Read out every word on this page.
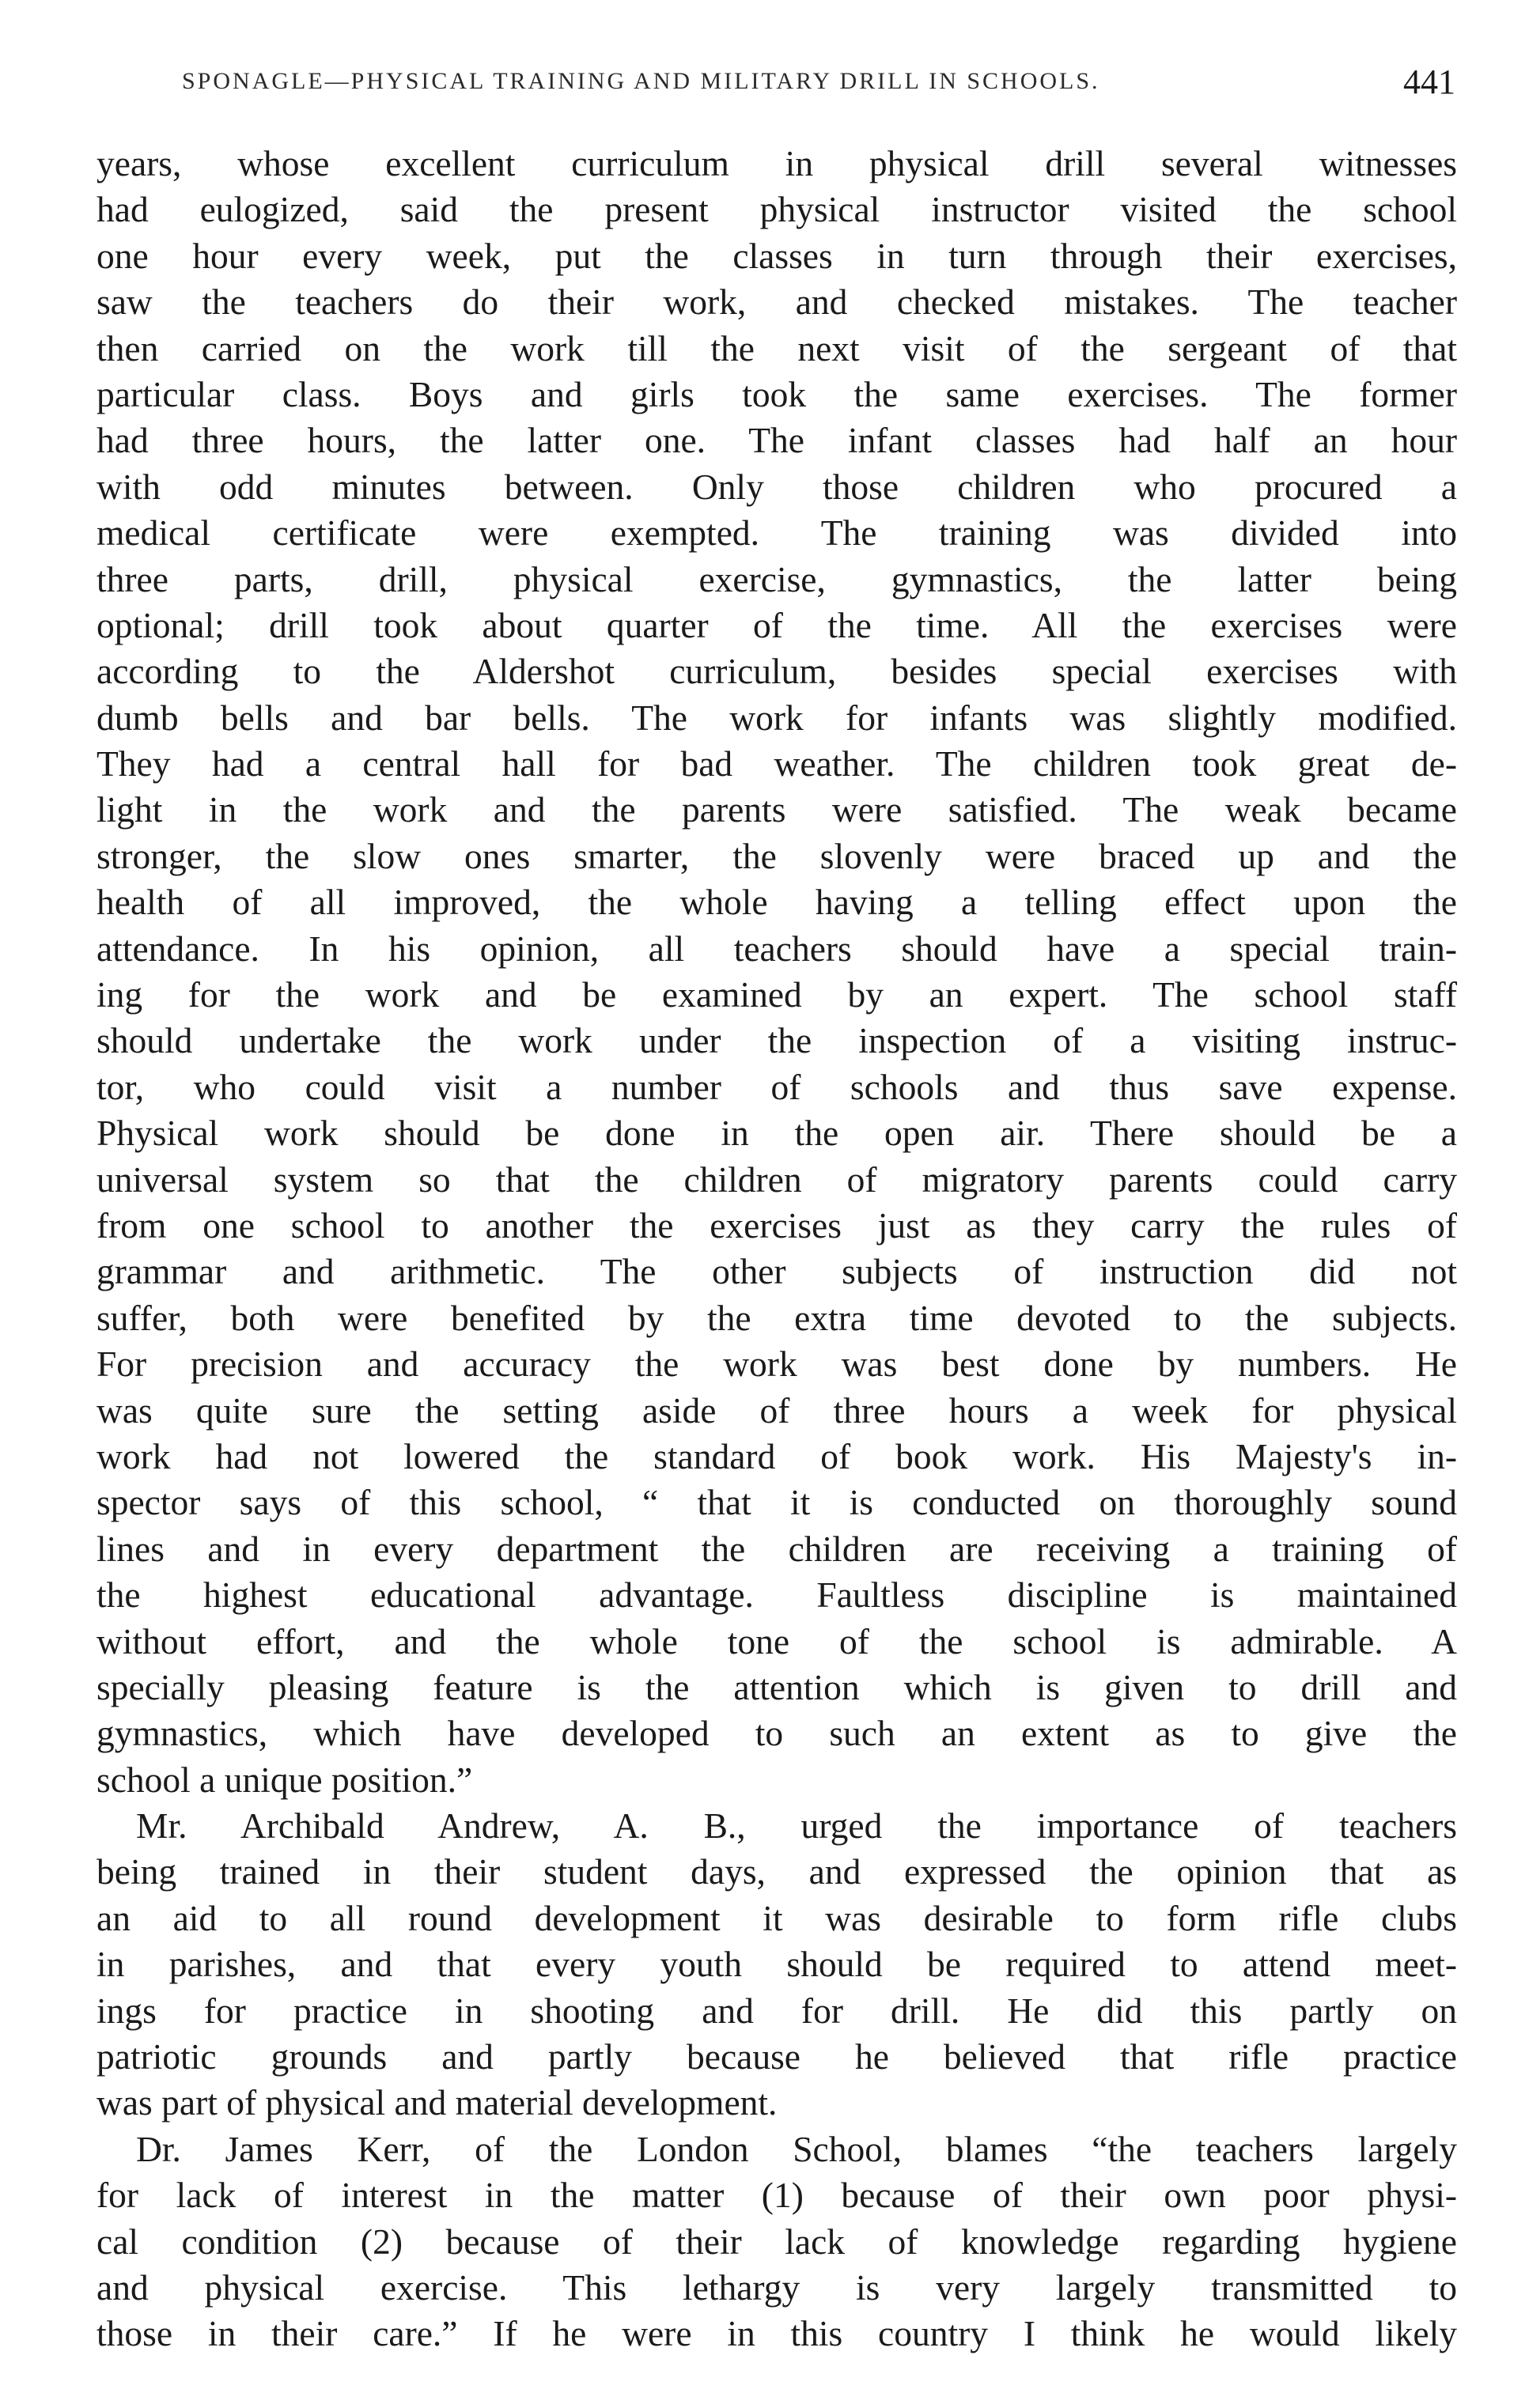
SPONAGLE—PHYSICAL TRAINING AND MILITARY DRILL IN SCHOOLS.	441
years, whose excellent curriculum in physical drill several witnesses
had eulogized, said the present physical instructor visited the school
one hour every week, put the classes in turn through their exercises,
saw the teachers do their work, and checked mistakes. The teacher
then carried on the work till the next visit of the sergeant of that
particular class. Boys and girls took the same exercises. The former
had three hours, the latter one. The infant classes had half an hour
with odd minutes between. Only those children who procured a
medical certificate were exempted. The training was divided into
three parts, drill, physical exercise, gymnastics, the latter being
optional; drill took about quarter of the time. All the exercises were
according to the Aldershot curriculum, besides special exercises with
dumb bells and bar bells. The work for infants was slightly modified.
They had a central hall for bad weather. The children took great de-
light in the work and the parents were satisfied. The weak became
stronger, the slow ones smarter, the slovenly were braced up and the
health of all improved, the whole having a telling effect upon the
attendance. In his opinion, all teachers should have a special train-
ing for the work and be examined by an expert. The school staff
should undertake the work under the inspection of a visiting instruc-
tor, who could visit a number of schools and thus save expense.
Physical work should be done in the open air. There should be a
universal system so that the children of migratory parents could carry
from one school to another the exercises just as they carry the rules of
grammar and arithmetic. The other subjects of instruction did not
suffer, both were benefited by the extra time devoted to the subjects.
For precision and accuracy the work was best done by numbers. He
was quite sure the setting aside of three hours a week for physical
work had not lowered the standard of book work. His Majesty's in-
spector says of this school, “ that it is conducted on thoroughly sound
lines and in every department the children are receiving a training of
the highest educational advantage. Faultless discipline is maintained
without effort, and the whole tone of the school is admirable. A
specially pleasing feature is the attention which is given to drill and
gymnastics, which have developed to such an extent as to give the
school a unique position.”
Mr. Archibald Andrew, A. B., urged the importance of teachers
being trained in their student days, and expressed the opinion that as
an aid to all round development it was desirable to form rifle clubs
in parishes, and that every youth should be required to attend meet-
ings for practice in shooting and for drill. He did this partly on
patriotic grounds and partly because he believed that rifle practice
was part of physical and material development.
Dr. James Kerr, of the London School, blames “the teachers largely
for lack of interest in the matter (1) because of their own poor physi-
cal condition (2) because of their lack of knowledge regarding hygiene
and physical exercise. This lethargy is very largely transmitted to
those in their care.” If he were in this country I think he would likely
